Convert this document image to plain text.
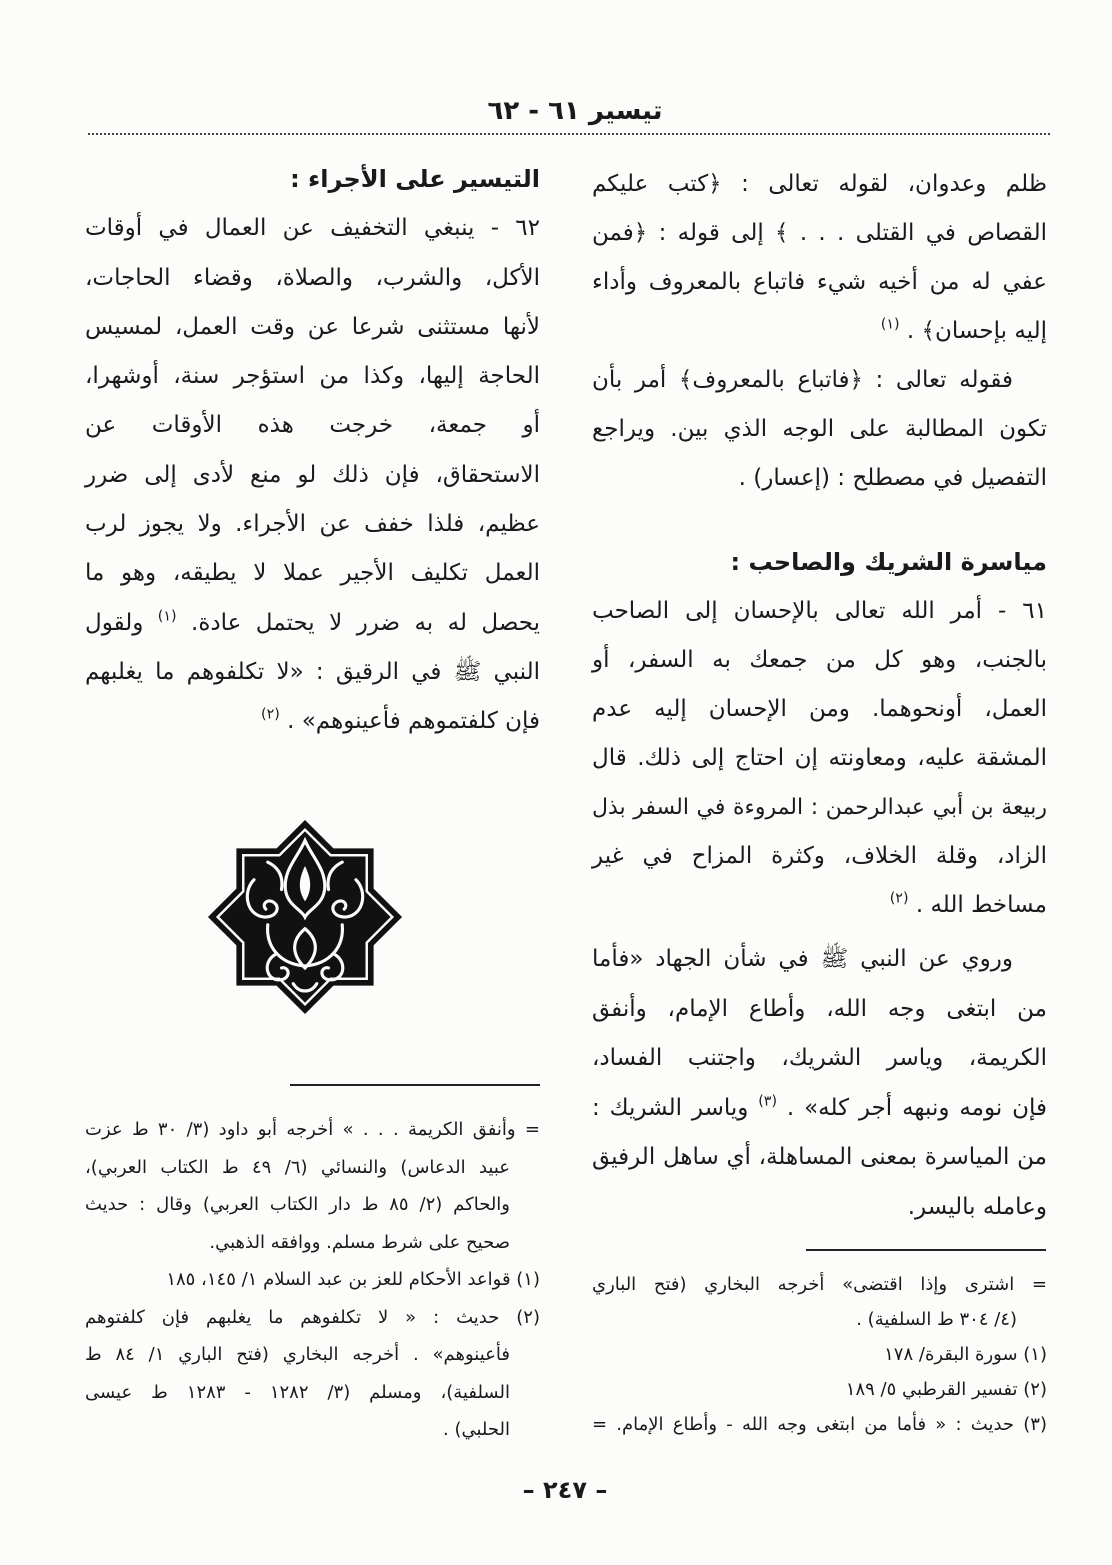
تيسير ٦١ - ٦٢
ظلم وعدوان، لقوله تعالى : ﴿كتب عليكم
القصاص في القتلى . . . ﴾ إلى قوله : ﴿فمن
عفي له من أخيه شيء فاتباع بالمعروف وأداء
إليه بإحسان﴾ . $^{(١)}$
فقوله تعالى : ﴿فاتباع بالمعروف﴾ أمر بأن
تكون المطالبة على الوجه الذي بين. ويراجع
التفصيل في مصطلح : (إعسار) .
مياسرة الشريك والصاحب :
٦١ - أمر الله تعالى بالإحسان إلى الصاحب
بالجنب، وهو كل من جمعك به السفر، أو
العمل، أونحوهما. ومن الإحسان إليه عدم
المشقة عليه، ومعاونته إن احتاج إلى ذلك. قال
ربيعة بن أبي عبدالرحمن : المروءة في السفر بذل
الزاد، وقلة الخلاف، وكثرة المزاح في غير
مساخط الله . $^{(٢)}$
وروي عن النبي ﷺ في شأن الجهاد «فأما
من ابتغى وجه الله، وأطاع الإمام، وأنفق
الكريمة، وياسر الشريك، واجتنب الفساد،
فإن نومه ونبهه أجر كله» . $^{(٣)}$ وياسر الشريك :
من المياسرة بمعنى المساهلة، أي ساهل الرفيق
وعامله باليسر.
= اشترى وإذا اقتضى» أخرجه البخاري (فتح الباري
(٤/ ٣٠٤ ط السلفية) .
(١) سورة البقرة/ ١٧٨
(٢) تفسير القرطبي ٥/ ١٨٩
(٣) حديث : « فأما من ابتغى وجه الله - وأطاع الإمام. =
التيسير على الأجراء :
٦٢ - ينبغي التخفيف عن العمال في أوقات
الأكل، والشرب، والصلاة، وقضاء الحاجات،
لأنها مستثنى شرعا عن وقت العمل، لمسيس
الحاجة إليها، وكذا من استؤجر سنة، أوشهرا،
أو جمعة، خرجت هذه الأوقات عن
الاستحقاق، فإن ذلك لو منع لأدى إلى ضرر
عظيم، فلذا خفف عن الأجراء. ولا يجوز لرب
العمل تكليف الأجير عملا لا يطيقه، وهو ما
يحصل له به ضرر لا يحتمل عادة. $^{(١)}$ ولقول
النبي ﷺ في الرقيق : «لا تكلفوهم ما يغلبهم
فإن كلفتموهم فأعينوهم» . $^{(٢)}$
= وأنفق الكريمة . . . » أخرجه أبو داود (٣/ ٣٠ ط عزت
عبيد الدعاس) والنسائي (٦/ ٤٩ ط الكتاب العربي)،
والحاكم (٢/ ٨٥ ط دار الكتاب العربي) وقال : حديث
صحيح على شرط مسلم. ووافقه الذهبي.
(١) قواعد الأحكام للعز بن عبد السلام ١/ ١٤٥، ١٨٥
(٢) حديث : « لا تكلفوهم ما يغلبهم فإن كلفتوهم
فأعينوهم» . أخرجه البخاري (فتح الباري ١/ ٨٤ ط
السلفية)، ومسلم (٣/ ١٢٨٢ - ١٢٨٣ ط عيسى
الحلبي) .
– ٢٤٧ –
